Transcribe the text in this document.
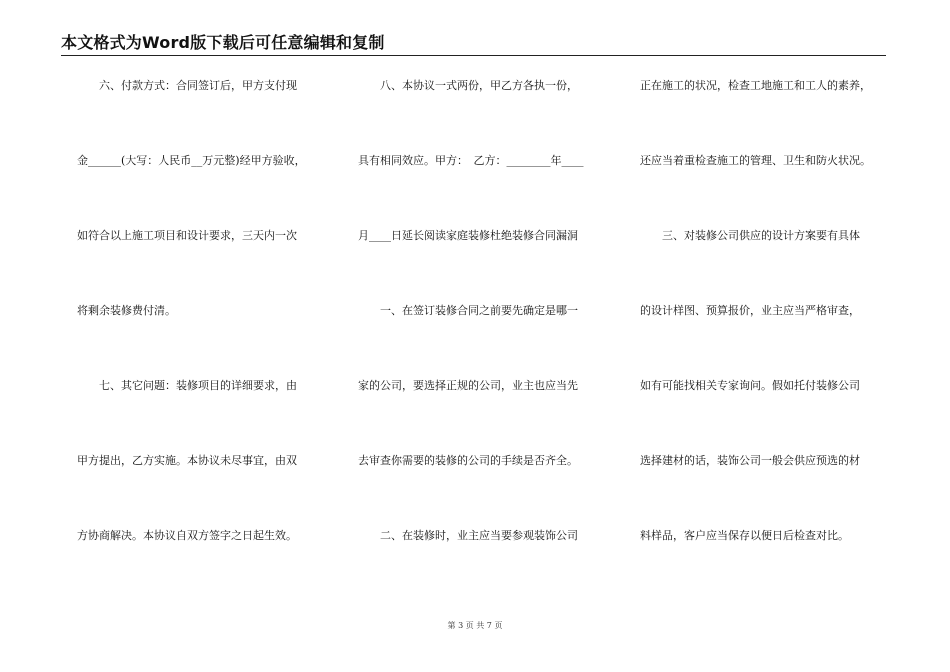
本文格式为Word版下载后可任意编辑和复制
　　六、付款方式：合同签订后，甲方支付现
金______(大写：人民币__万元整)经甲方验收，
如符合以上施工项目和设计要求，三天内一次
将剩余装修费付清。
　　七、其它问题：装修项目的详细要求，由
甲方提出，乙方实施。本协议未尽事宜，由双
方协商解决。本协议自双方签字之日起生效。
　　八、本协议一式两份，甲乙方各执一份，
具有相同效应。甲方：　乙方：________年____
月____日延长阅读家庭装修杜绝装修合同漏洞
　　一、在签订装修合同之前要先确定是哪一
家的公司，要选择正规的公司，业主也应当先
去审查你需要的装修的公司的手续是否齐全。
　　二、在装修时，业主应当要参观装饰公司
正在施工的状况，检查工地施工和工人的素养，
还应当着重检查施工的管理、卫生和防火状况。
　　三、对装修公司供应的设计方案要有具体
的设计样图、预算报价，业主应当严格审查，
如有可能找相关专家询问。假如托付装修公司
选择建材的话，装饰公司一般会供应预选的材
料样品，客户应当保存以便日后检查对比。
第 3 页 共 7 页
